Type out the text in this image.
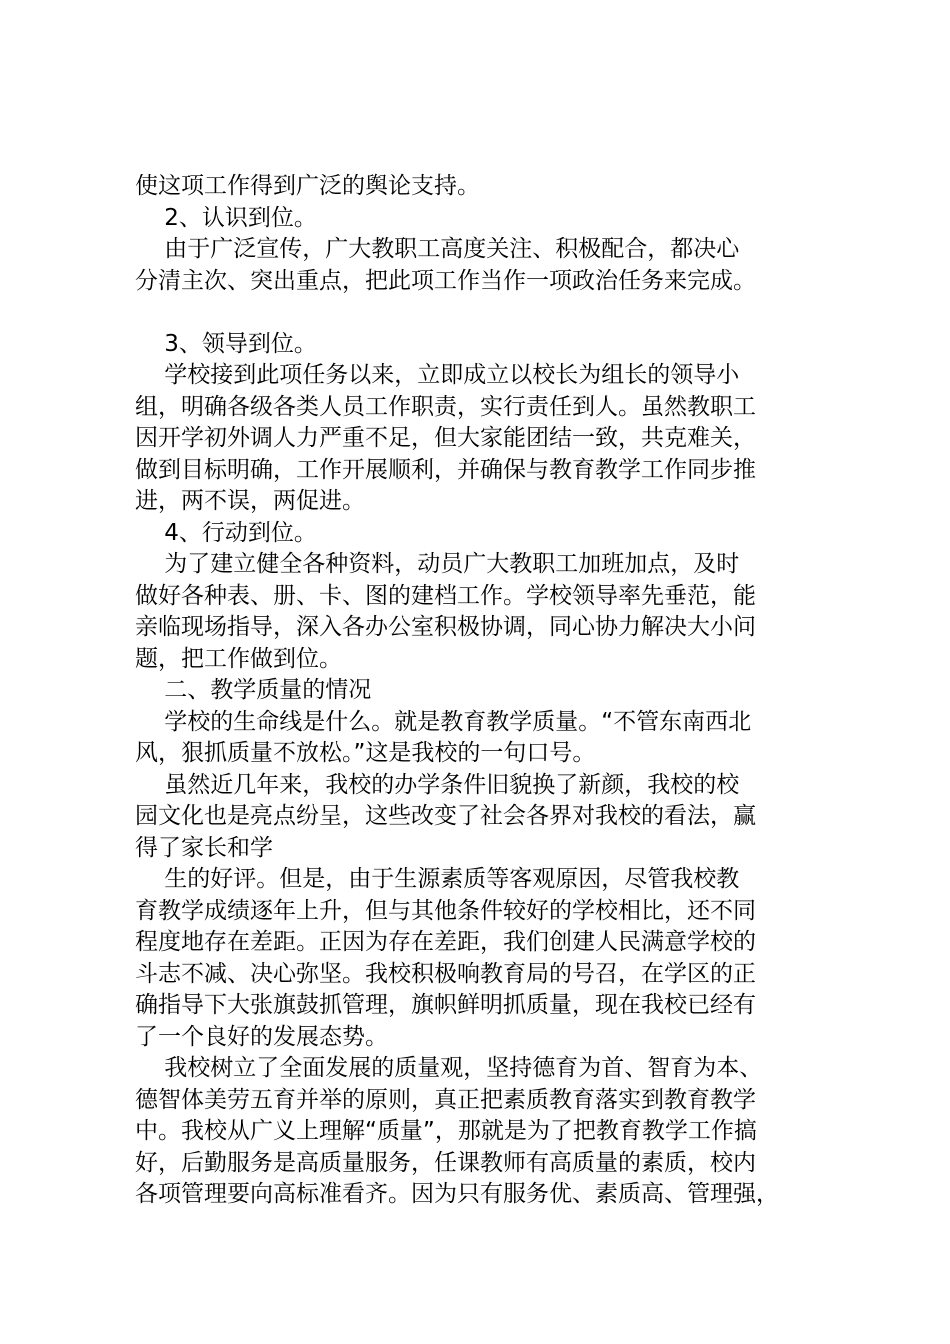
使这项工作得到广泛的舆论支持。
2、认识到位。
由于广泛宣传，广大教职工高度关注、积极配合，都决心
分清主次、突出重点，把此项工作当作一项政治任务来完成。
3、领导到位。
学校接到此项任务以来，立即成立以校长为组长的领导小
组，明确各级各类人员工作职责，实行责任到人。虽然教职工
因开学初外调人力严重不足，但大家能团结一致，共克难关，
做到目标明确，工作开展顺利，并确保与教育教学工作同步推
进，两不误，两促进。
4、行动到位。
为了建立健全各种资料，动员广大教职工加班加点，及时
做好各种表、册、卡、图的建档工作。学校领导率先垂范，能
亲临现场指导，深入各办公室积极协调，同心协力解决大小问
题，把工作做到位。
二、教学质量的情况
学校的生命线是什么。就是教育教学质量。“不管东南西北
风，狠抓质量不放松。”这是我校的一句口号。
虽然近几年来，我校的办学条件旧貌换了新颜，我校的校
园文化也是亮点纷呈，这些改变了社会各界对我校的看法，赢
得了家长和学
生的好评。但是，由于生源素质等客观原因，尽管我校教
育教学成绩逐年上升，但与其他条件较好的学校相比，还不同
程度地存在差距。正因为存在差距，我们创建人民满意学校的
斗志不减、决心弥坚。我校积极响教育局的号召，在学区的正
确指导下大张旗鼓抓管理，旗帜鲜明抓质量，现在我校已经有
了一个良好的发展态势。
我校树立了全面发展的质量观，坚持德育为首、智育为本、
德智体美劳五育并举的原则，真正把素质教育落实到教育教学
中。我校从广义上理解“质量”，那就是为了把教育教学工作搞
好，后勤服务是高质量服务，任课教师有高质量的素质，校内
各项管理要向高标准看齐。因为只有服务优、素质高、管理强，
